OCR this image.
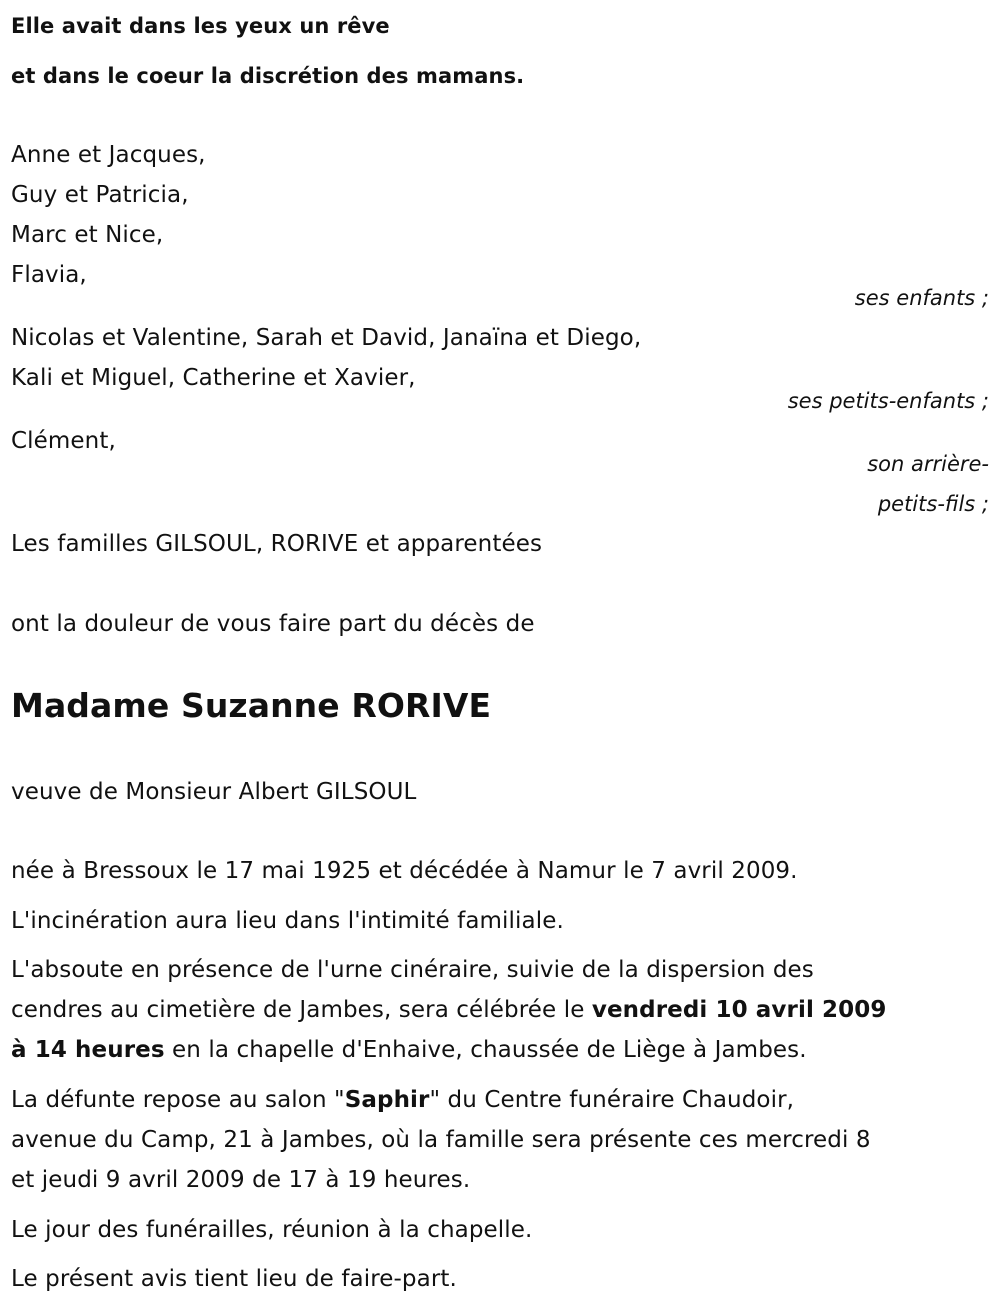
Elle avait dans les yeux un rêve
et dans le coeur la discrétion des mamans.
Anne et Jacques,
Guy et Patricia,
Marc et Nice,
Flavia,
ses enfants ;
Nicolas et Valentine, Sarah et David, Janaïna et Diego,
Kali et Miguel, Catherine et Xavier,
ses petits-enfants ;
Clément,
son arrière-
petits-fils ;
Les familles GILSOUL, RORIVE et apparentées
ont la douleur de vous faire part du décès de
Madame Suzanne RORIVE
veuve de Monsieur Albert GILSOUL
née à Bressoux le 17 mai 1925 et décédée à Namur le 7 avril 2009.
L'incinération aura lieu dans l'intimité familiale.
L'absoute en présence de l'urne cinéraire, suivie de la dispersion des
cendres au cimetière de Jambes, sera célébrée le vendredi 10 avril 2009
à 14 heures en la chapelle d'Enhaive, chaussée de Liège à Jambes.
La défunte repose au salon "Saphir" du Centre funéraire Chaudoir,
avenue du Camp, 21 à Jambes, où la famille sera présente ces mercredi 8
et jeudi 9 avril 2009 de 17 à 19 heures.
Le jour des funérailles, réunion à la chapelle.
Le présent avis tient lieu de faire-part.
